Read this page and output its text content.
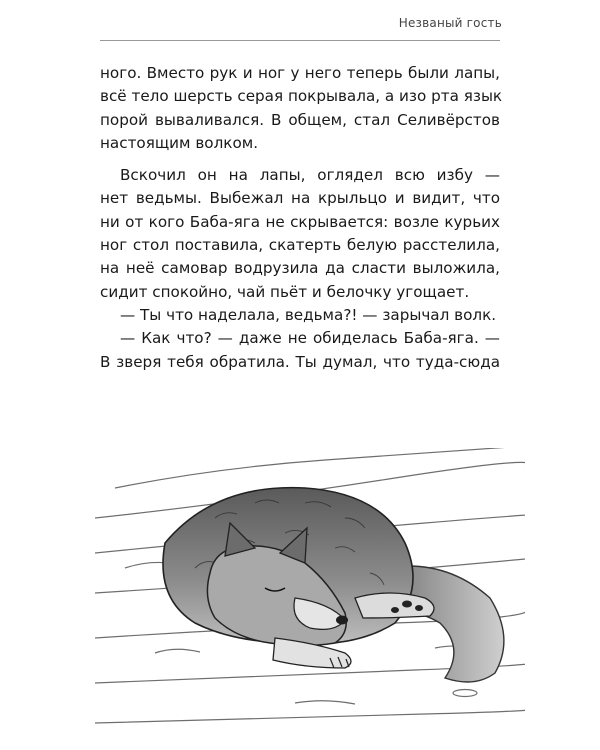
Незваный гость
ного. Вместо рук и ног у него теперь были лапы,
всё тело шерсть серая покрывала, а изо рта язык
порой вываливался. В общем, стал Селивёрстов
настоящим волком.
Вскочил он на лапы, оглядел всю избу —
нет ведьмы. Выбежал на крыльцо и видит, что
ни от кого Баба-яга не скрывается: возле курьих
ног стол поставила, скатерть белую расстелила,
на неё самовар водрузила да сласти выложила,
сидит спокойно, чай пьёт и белочку угощает.
— Ты что наделала, ведьма?! — зарычал волк.
— Как что? — даже не обиделась Баба-яга. —
В зверя тебя обратила. Ты думал, что туда-сюда
